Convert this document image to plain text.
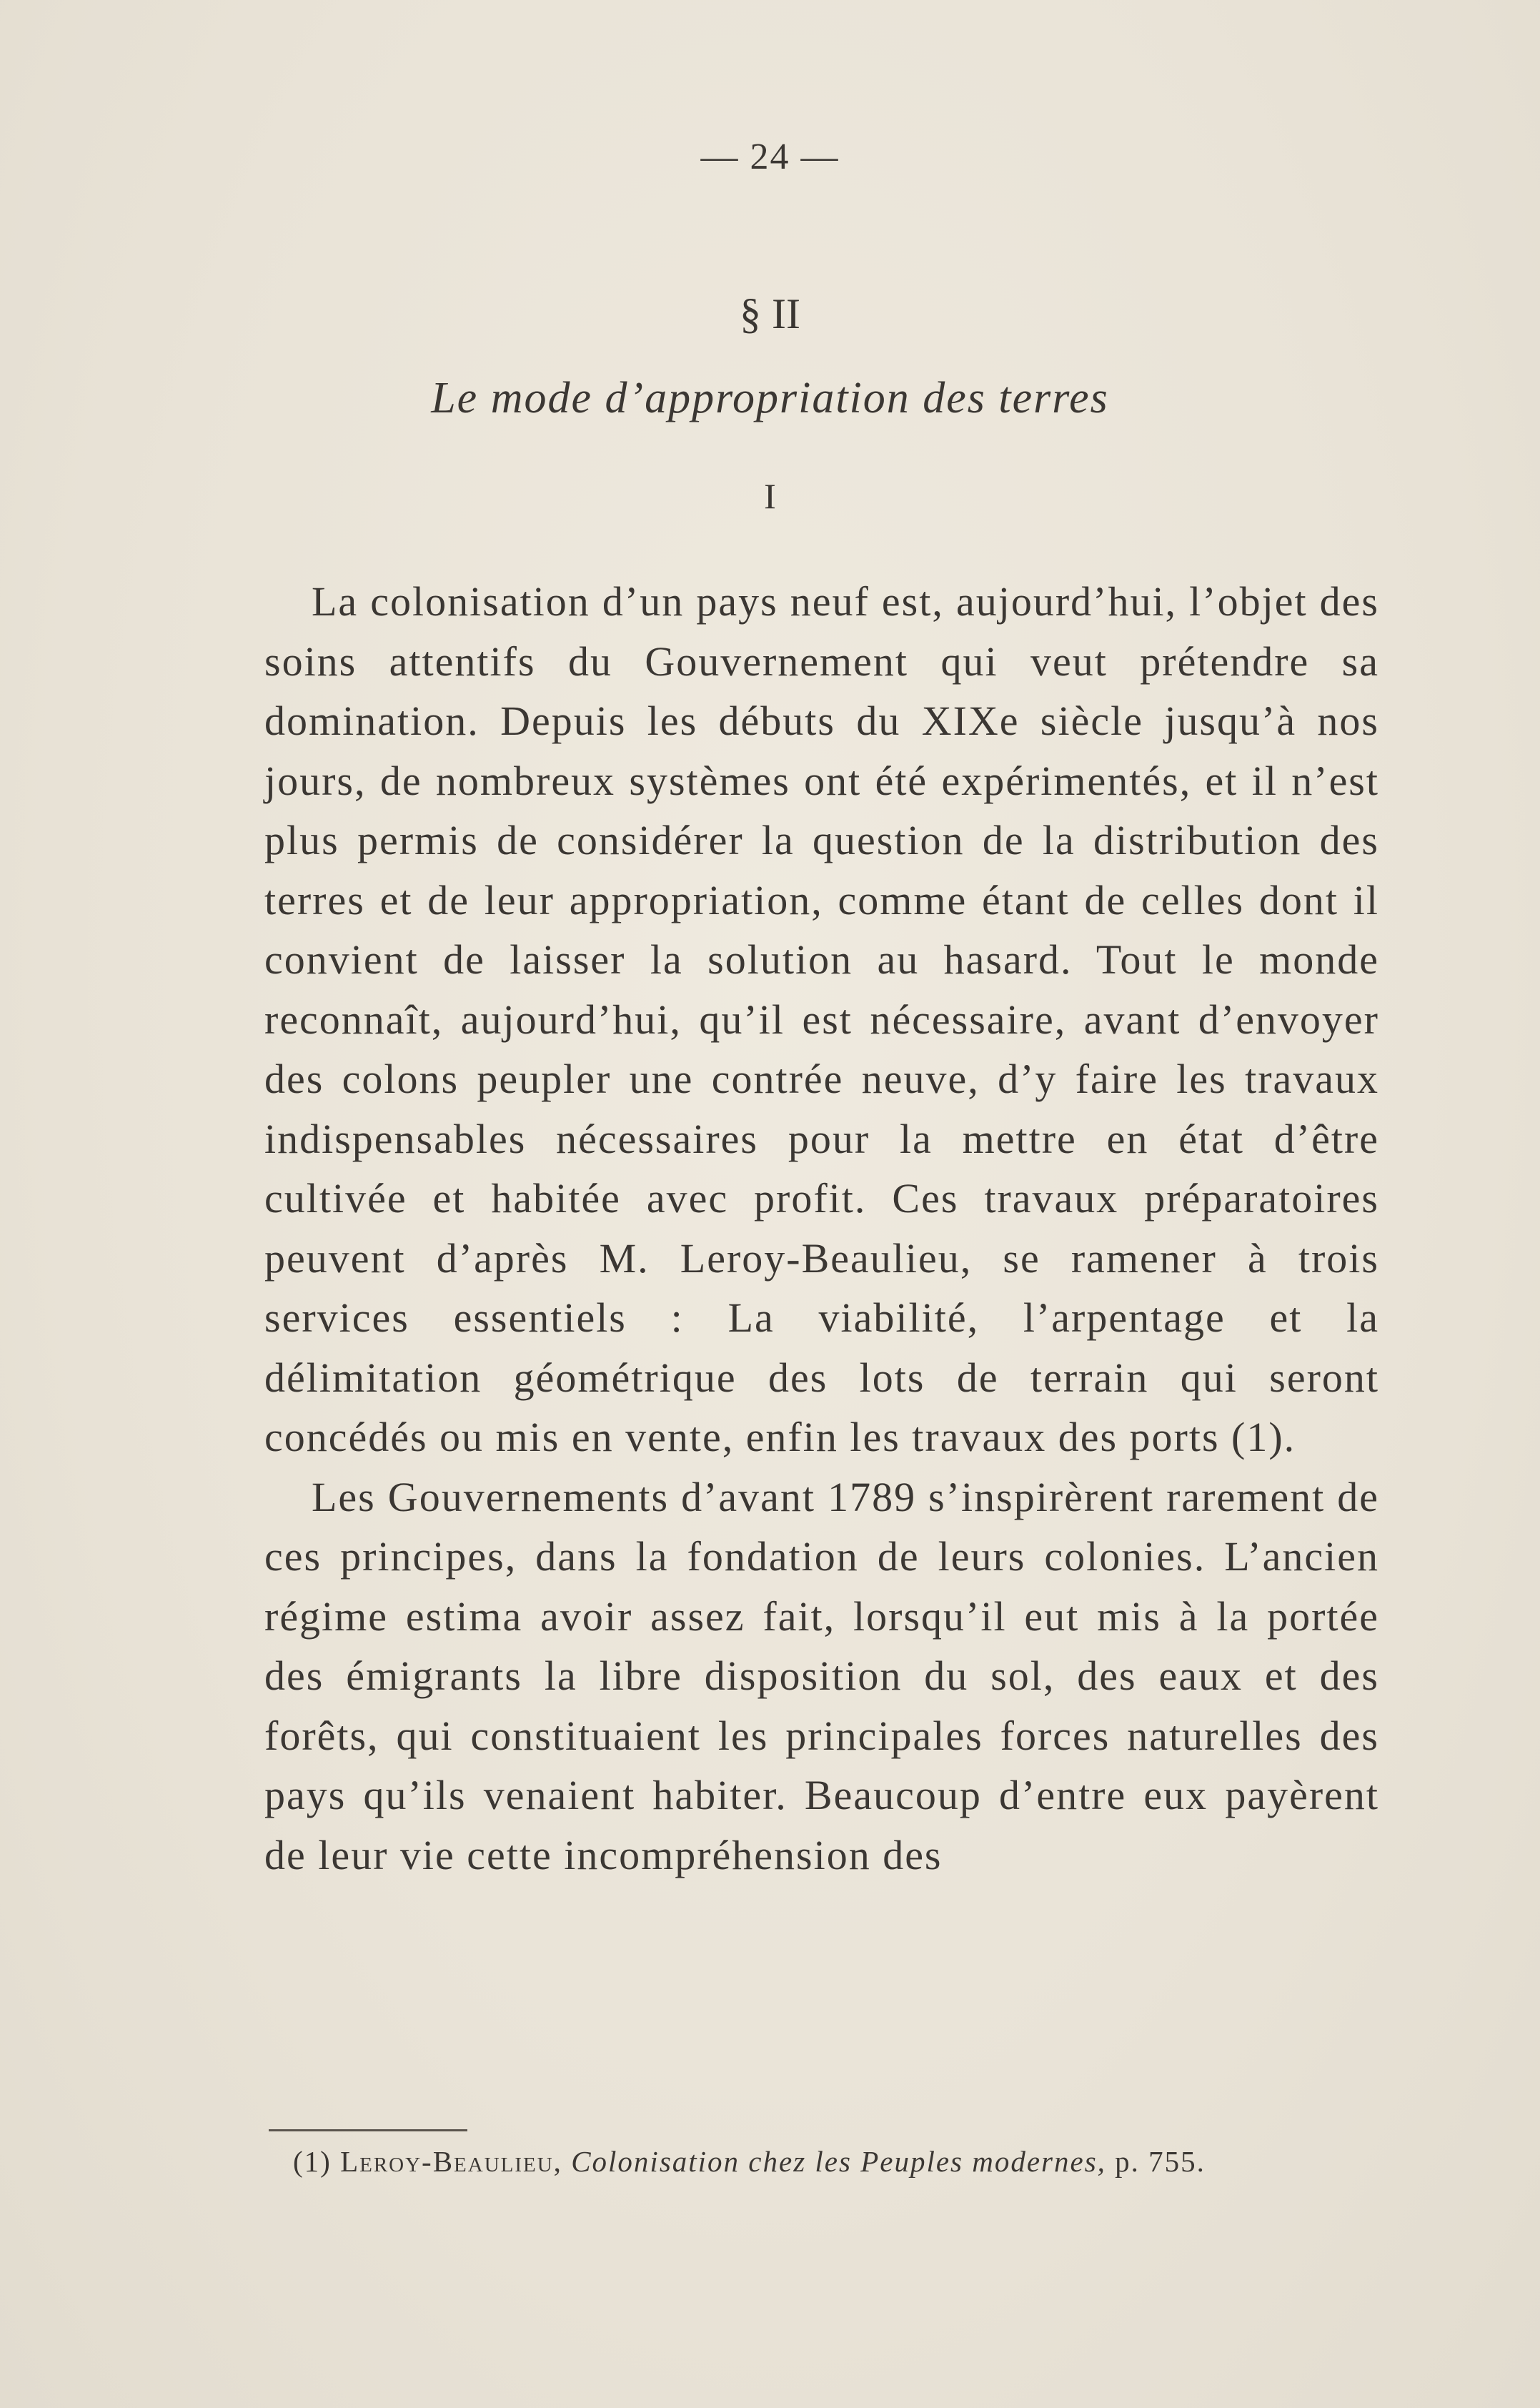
— 24 —
§ II
Le mode d’appropriation des terres
I

La colonisation d’un pays neuf est, aujourd’hui, l’objet des soins attentifs du Gouvernement qui veut prétendre sa domination. Depuis les débuts du XIXe siècle jusqu’à nos jours, de nombreux systèmes ont été expérimentés, et il n’est plus permis de considérer la question de la distribution des terres et de leur appropriation, comme étant de celles dont il convient de laisser la solution au hasard. Tout le monde reconnaît, aujourd’hui, qu’il est nécessaire, avant d’envoyer des colons peupler une contrée neuve, d’y faire les travaux indispensables nécessaires pour la mettre en état d’être cultivée et habitée avec profit. Ces travaux préparatoires peuvent d’après M. Leroy-Beaulieu, se ramener à trois services essentiels : La viabilité, l’arpentage et la délimitation géométrique des lots de terrain qui seront concédés ou mis en vente, enfin les travaux des ports (1).

Les Gouvernements d’avant 1789 s’inspirèrent rarement de ces principes, dans la fondation de leurs colonies. L’ancien régime estima avoir assez fait, lorsqu’il eut mis à la portée des émigrants la libre disposition du sol, des eaux et des forêts, qui constituaient les principales forces naturelles des pays qu’ils venaient habiter. Beaucoup d’entre eux payèrent de leur vie cette incompréhension des

(1) Leroy-Beaulieu, Colonisation chez les Peuples modernes, p. 755.
